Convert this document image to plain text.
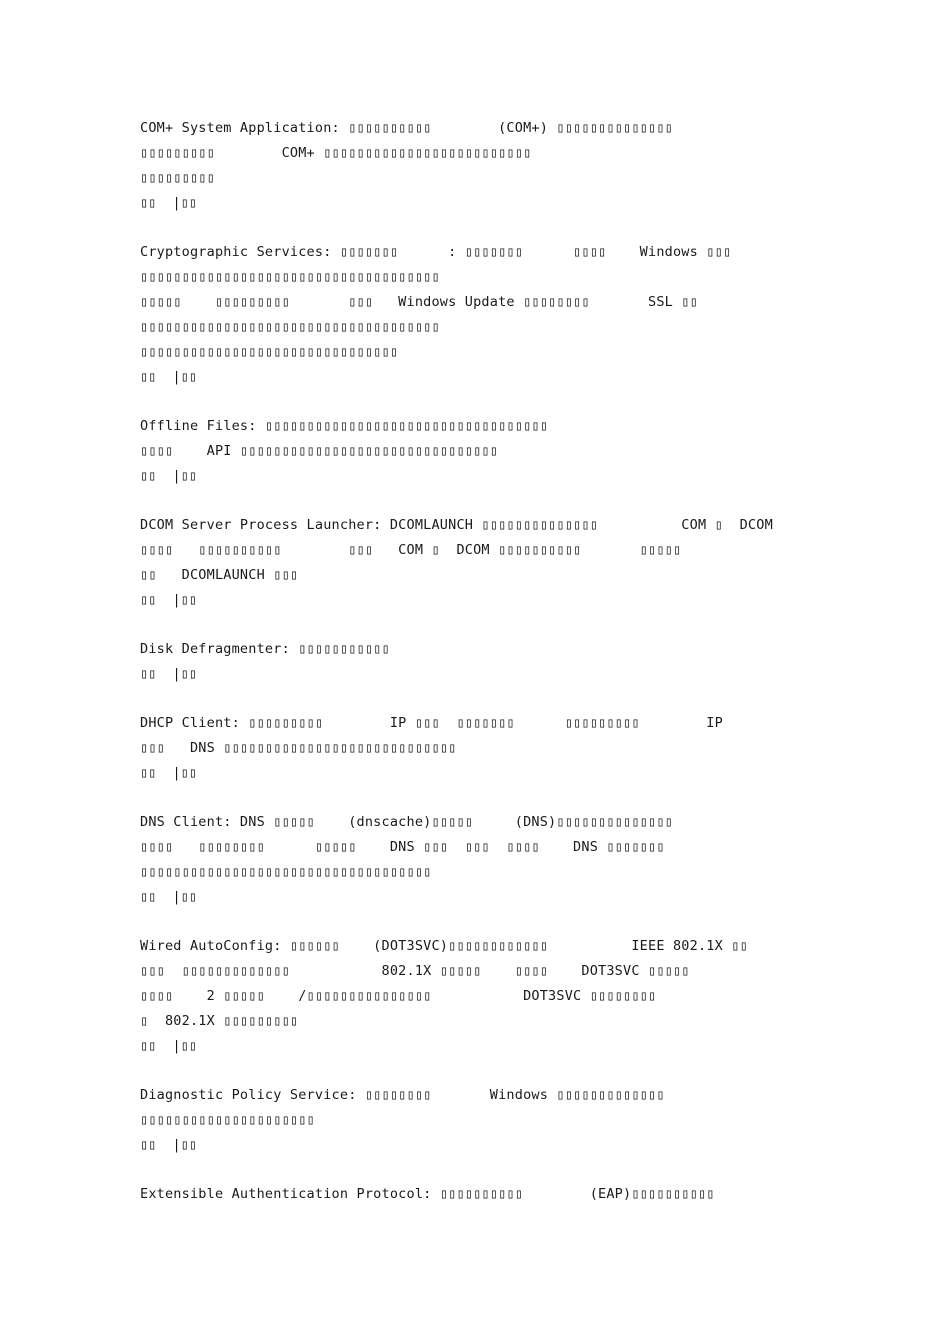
COM+ System Application: ▯▯▯▯▯▯▯▯▯▯        (COM+) ▯▯▯▯▯▯▯▯▯▯▯▯▯▯
▯▯▯▯▯▯▯▯▯        COM+ ▯▯▯▯▯▯▯▯▯▯▯▯▯▯▯▯▯▯▯▯▯▯▯▯▯
▯▯▯▯▯▯▯▯▯
▯▯  |▯▯
Cryptographic Services: ▯▯▯▯▯▯▯      : ▯▯▯▯▯▯▯      ▯▯▯▯    Windows ▯▯▯
▯▯▯▯▯▯▯▯▯▯▯▯▯▯▯▯▯▯▯▯▯▯▯▯▯▯▯▯▯▯▯▯▯▯▯▯
▯▯▯▯▯    ▯▯▯▯▯▯▯▯▯       ▯▯▯   Windows Update ▯▯▯▯▯▯▯▯       SSL ▯▯
▯▯▯▯▯▯▯▯▯▯▯▯▯▯▯▯▯▯▯▯▯▯▯▯▯▯▯▯▯▯▯▯▯▯▯▯
▯▯▯▯▯▯▯▯▯▯▯▯▯▯▯▯▯▯▯▯▯▯▯▯▯▯▯▯▯▯▯
▯▯  |▯▯
Offline Files: ▯▯▯▯▯▯▯▯▯▯▯▯▯▯▯▯▯▯▯▯▯▯▯▯▯▯▯▯▯▯▯▯▯▯
▯▯▯▯    API ▯▯▯▯▯▯▯▯▯▯▯▯▯▯▯▯▯▯▯▯▯▯▯▯▯▯▯▯▯▯▯
▯▯  |▯▯
DCOM Server Process Launcher: DCOMLAUNCH ▯▯▯▯▯▯▯▯▯▯▯▯▯▯          COM ▯  DCOM
▯▯▯▯   ▯▯▯▯▯▯▯▯▯▯        ▯▯▯   COM ▯  DCOM ▯▯▯▯▯▯▯▯▯▯       ▯▯▯▯▯
▯▯   DCOMLAUNCH ▯▯▯
▯▯  |▯▯
Disk Defragmenter: ▯▯▯▯▯▯▯▯▯▯▯
▯▯  |▯▯
DHCP Client: ▯▯▯▯▯▯▯▯▯        IP ▯▯▯  ▯▯▯▯▯▯▯      ▯▯▯▯▯▯▯▯▯        IP
▯▯▯   DNS ▯▯▯▯▯▯▯▯▯▯▯▯▯▯▯▯▯▯▯▯▯▯▯▯▯▯▯▯
▯▯  |▯▯
DNS Client: DNS ▯▯▯▯▯    (dnscache)▯▯▯▯▯     (DNS)▯▯▯▯▯▯▯▯▯▯▯▯▯▯
▯▯▯▯   ▯▯▯▯▯▯▯▯      ▯▯▯▯▯    DNS ▯▯▯  ▯▯▯  ▯▯▯▯    DNS ▯▯▯▯▯▯▯
▯▯▯▯▯▯▯▯▯▯▯▯▯▯▯▯▯▯▯▯▯▯▯▯▯▯▯▯▯▯▯▯▯▯▯
▯▯  |▯▯
Wired AutoConfig: ▯▯▯▯▯▯    (DOT3SVC)▯▯▯▯▯▯▯▯▯▯▯▯          IEEE 802.1X ▯▯
▯▯▯  ▯▯▯▯▯▯▯▯▯▯▯▯▯           802.1X ▯▯▯▯▯    ▯▯▯▯    DOT3SVC ▯▯▯▯▯
▯▯▯▯    2 ▯▯▯▯▯    /▯▯▯▯▯▯▯▯▯▯▯▯▯▯▯           DOT3SVC ▯▯▯▯▯▯▯▯
▯  802.1X ▯▯▯▯▯▯▯▯▯
▯▯  |▯▯
Diagnostic Policy Service: ▯▯▯▯▯▯▯▯       Windows ▯▯▯▯▯▯▯▯▯▯▯▯▯
▯▯▯▯▯▯▯▯▯▯▯▯▯▯▯▯▯▯▯▯▯
▯▯  |▯▯
Extensible Authentication Protocol: ▯▯▯▯▯▯▯▯▯▯        (EAP)▯▯▯▯▯▯▯▯▯▯
